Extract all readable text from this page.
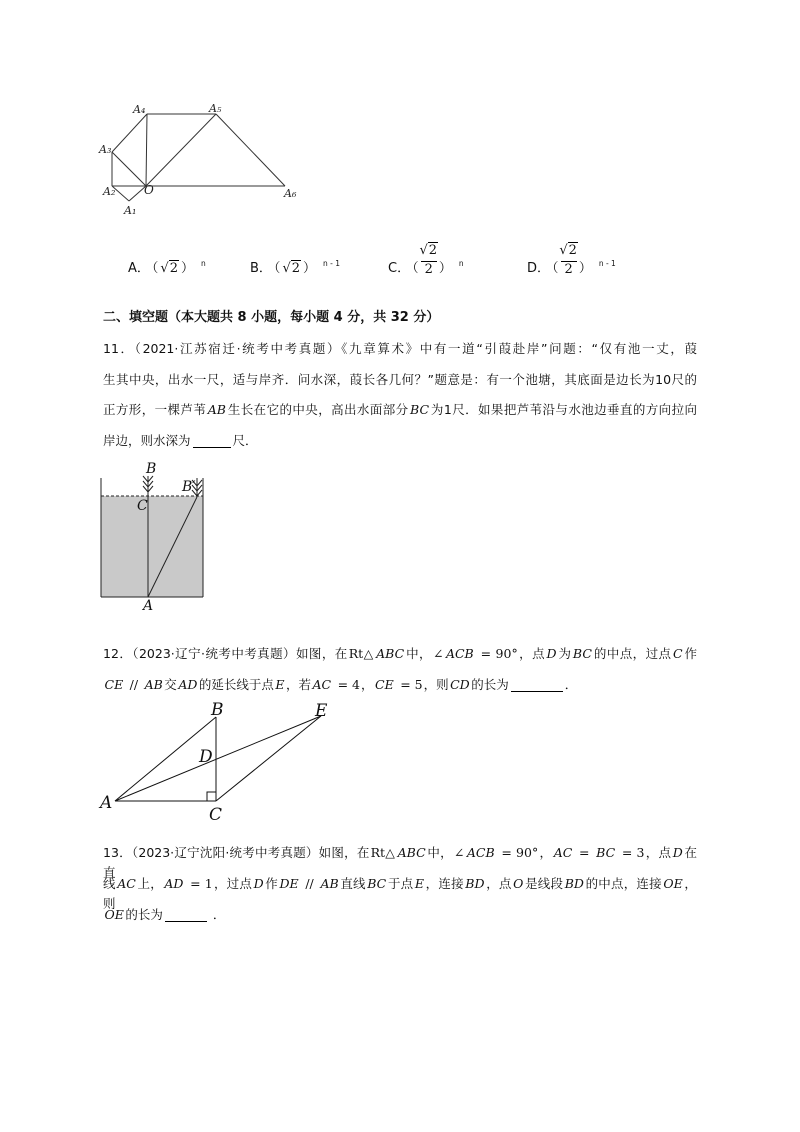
A₄	A₅
A₃
A₂ O	A₆
A₁
A． （ √2 ） $^n$	B． （ √2 ） $^{n - 1}$	C． （
√2
2 ） $^n$	D． （
√2
2 ） $^{n - 1}$
二、填空题（本大题共 8 小题，每小题 4 分，共 32 分）
11．（2021·江苏宿迁·统考中考真题）《九章算术》中有一道“引葭赴岸”问题：“仅有池一丈，葭
生其中央，出水一尺，适与岸齐．问水深，葭长各几何？”题意是：有一个池塘，其底面是边长为10尺的
正方形，一棵芦苇 AB 生长在它的中央，高出水面部分 BC 为1尺．如果把芦苇沿与水池边垂直的方向拉向
岸边，则水深为	尺．
B
C
B′
A
12．（2023·辽宁·统考中考真题）如图，在Rt△ ABC 中，∠ ACB = 90°，点 D 为 BC 的中点，过点 C 作
CE // AB 交 AD 的延长线于点 E ，若 AC = 4， CE = 5，则 CD 的长为	．
B	E
D
A
C
13．（2023·辽宁沈阳·统考中考真题）如图，在Rt△ ABC 中，∠ ACB = 90°， AC = BC = 3，点 D 在直
线 AC 上， AD = 1，过点 D 作 DE // AB 直线 BC 于点 E ，连接 BD ，点 O 是线段 BD 的中点，连接 OE ，则
OE 的长为	．
